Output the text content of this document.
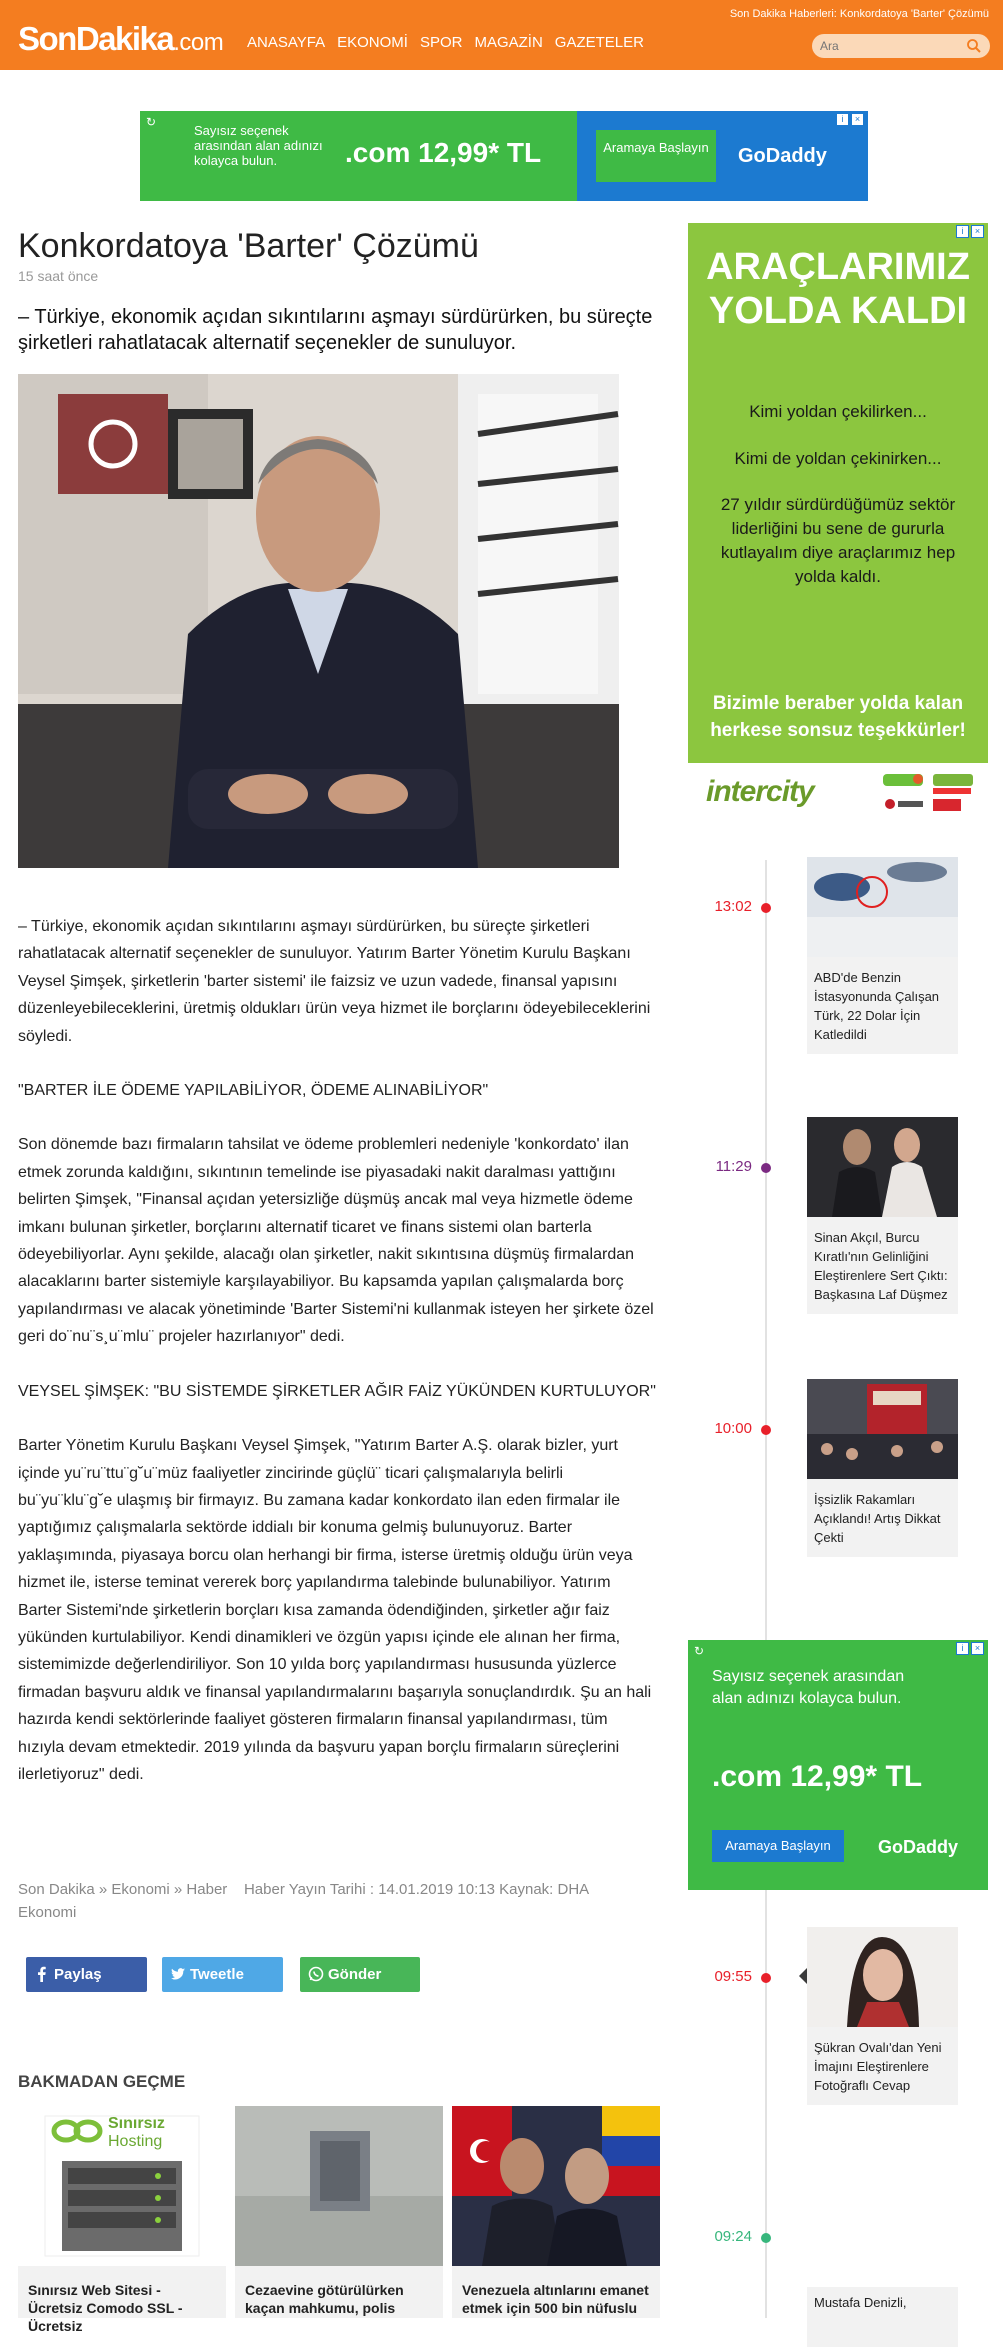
SonDakika.com ANASAYFA EKONOMİ SPOR MAGAZİN GAZETELER
Son Dakika Haberleri: Konkordatoya 'Barter' Çözümü
Ara
↻
Sayısız seçenek arasından alan adınızı kolayca bulun.	.com 12,99* TL	Aramaya Başlayın	GoDaddy
i	×
Konkordatoya 'Barter' Çözümü
15 saat önce
– Türkiye, ekonomik açıdan sıkıntılarını aşmayı sürdürürken, bu süreçte şirketleri rahatlatacak alternatif seçenekler de sunuluyor.

– Türkiye, ekonomik açıdan sıkıntılarını aşmayı sürdürürken, bu süreçte şirketleri rahatlatacak alternatif seçenekler de sunuluyor. Yatırım Barter Yönetim Kurulu Başkanı Veysel Şimşek, şirketlerin 'barter sistemi' ile faizsiz ve uzun vadede, finansal yapısını düzenleyebileceklerini, üretmiş oldukları ürün veya hizmet ile borçlarını ödeyebileceklerini söyledi.

"BARTER İLE ÖDEME YAPILABİLİYOR, ÖDEME ALINABİLİYOR"

Son dönemde bazı firmaların tahsilat ve ödeme problemleri nedeniyle 'konkordato' ilan etmek zorunda kaldığını, sıkıntının temelinde ise piyasadaki nakit daralması yattığını belirten Şimşek, "Finansal açıdan yetersizliğe düşmüş ancak mal veya hizmetle ödeme imkanı bulunan şirketler, borçlarını alternatif ticaret ve finans sistemi olan barterla ödeyebiliyorlar. Aynı şekilde, alacağı olan şirketler, nakit sıkıntısına düşmüş firmalardan alacaklarını barter sistemiyle karşılayabiliyor. Bu kapsamda yapılan çalışmalarda borç yapılandırması ve alacak yönetiminde 'Barter Sistemi'ni kullanmak isteyen her şirkete özel geri do¨nu¨s¸u¨mlu¨ projeler hazırlanıyor" dedi.

VEYSEL ŞİMŞEK: "BU SİSTEMDE ŞİRKETLER AĞIR FAİZ YÜKÜNDEN KURTULUYOR"

Barter Yönetim Kurulu Başkanı Veysel Şimşek, "Yatırım Barter A.Ş. olarak bizler, yurt içinde yu¨ru¨ttu¨g˘u¨müz faaliyetler zincirinde güçlü¨ ticari çalışmalarıyla belirli bu¨yu¨klu¨g˘e ulaşmış bir firmayız. Bu zamana kadar konkordato ilan eden firmalar ile yaptığımız çalışmalarla sektörde iddialı bir konuma gelmiş bulunuyoruz. Barter yaklaşımında, piyasaya borcu olan herhangi bir firma, isterse üretmiş olduğu ürün veya hizmet ile, isterse teminat vererek borç yapılandırma talebinde bulunabiliyor. Yatırım Barter Sistemi'nde şirketlerin borçları kısa zamanda ödendiğinden, şirketler ağır faiz yükünden kurtulabiliyor. Kendi dinamikleri ve özgün yapısı içinde ele alınan her firma, sistemimizde değerlendiriliyor. Son 10 yılda borç yapılandırması hususunda yüzlerce firmadan başvuru aldık ve finansal yapılandırmalarını başarıyla sonuçlandırdık. Şu an hali hazırda kendi sektörlerinde faaliyet gösteren firmaların finansal yapılandırması, tüm hızıyla devam etmektedir. 2019 yılında da başvuru yapan borçlu firmaların süreçlerini ilerletiyoruz" dedi.

Son Dakika » Ekonomi » Haber Haber Yayın Tarihi : 14.01.2019 10:13 Kaynak: DHA
Ekonomi
Paylaş	Tweetle	Gönder
BAKMADAN GEÇME
Sınırsız
Hosting
Sınırsız Web Sitesi - Ücretsiz Comodo SSL - Ücretsiz
Cezaevine götürülürken kaçan mahkumu, polis
Venezuela altınlarını emanet etmek için 500 bin nüfuslu
i	×
ARAÇLARIMIZ YOLDA KALDI
Kimi yoldan çekilirken...
Kimi de yoldan çekinirken...
27 yıldır sürdürdüğümüz sektör liderliğini bu sene de gururla kutlayalım diye araçlarımız hep yolda kaldı.
Bizimle beraber yolda kalan herkese sonsuz teşekkürler!
intercity
13:02
ABD'de Benzin İstasyonunda Çalışan Türk, 22 Dolar İçin Katledildi
11:29
Sinan Akçıl, Burcu Kıratlı'nın Gelinliğini Eleştirenlere Sert Çıktı: Başkasına Laf Düşmez
10:00
İşsizlik Rakamları Açıklandı! Artış Dikkat Çekti
↻	i	×
Sayısız seçenek arasından alan adınızı kolayca bulun.
.com 12,99* TL
Aramaya Başlayın	GoDaddy
09:55
Şükran Ovalı'dan Yeni İmajını Eleştirenlere Fotoğraflı Cevap
09:24
Mustafa Denizli,
